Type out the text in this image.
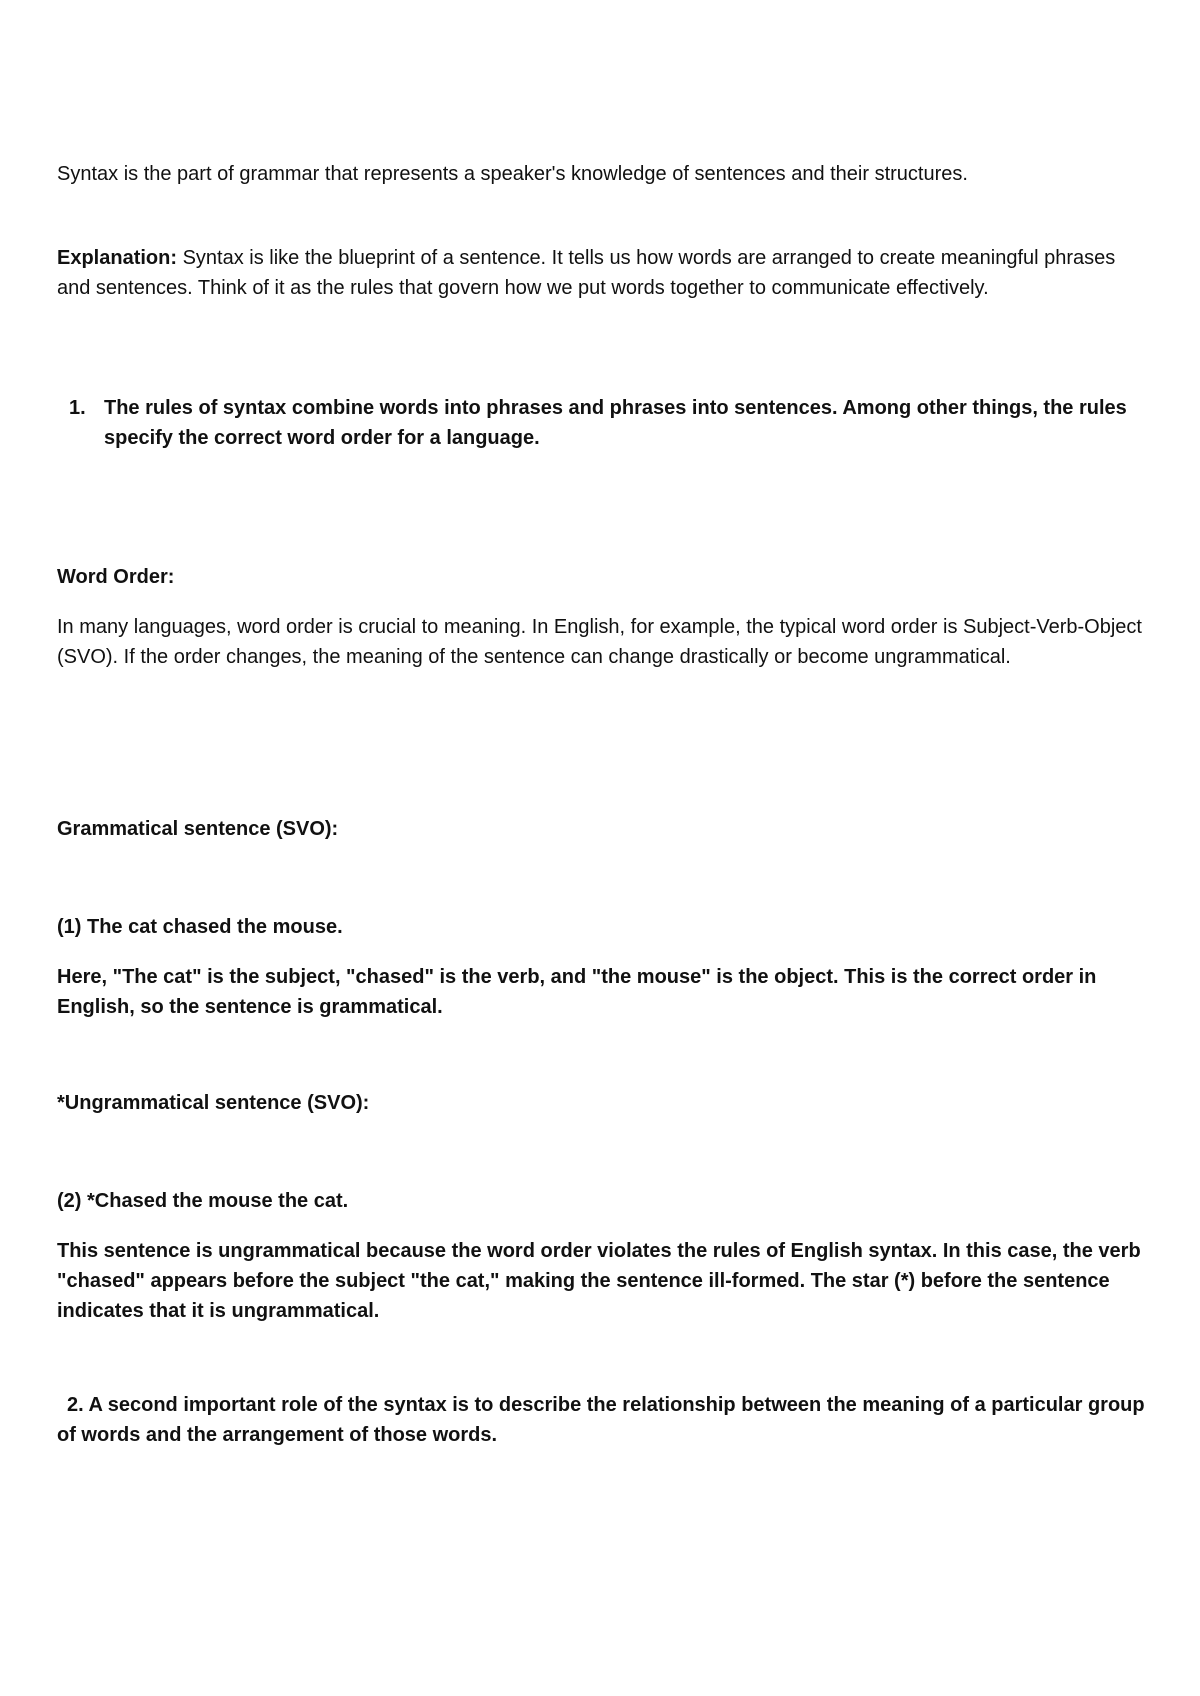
Syntax is the part of grammar that represents a speaker's knowledge of sentences and their structures.

Explanation: Syntax is like the blueprint of a sentence. It tells us how words are arranged to create meaningful phrases and sentences. Think of it as the rules that govern how we put words together to communicate effectively.

1. The rules of syntax combine words into phrases and phrases into sentences. Among other things, the rules specify the correct word order for a language.

Word Order:

In many languages, word order is crucial to meaning. In English, for example, the typical word order is Subject-Verb-Object (SVO). If the order changes, the meaning of the sentence can change drastically or become ungrammatical.

Grammatical sentence (SVO):

(1) The cat chased the mouse.

Here, "The cat" is the subject, "chased" is the verb, and "the mouse" is the object. This is the correct order in English, so the sentence is grammatical.

*Ungrammatical sentence (SVO):

(2) *Chased the mouse the cat.

This sentence is ungrammatical because the word order violates the rules of English syntax. In this case, the verb "chased" appears before the subject "the cat," making the sentence ill-formed. The star (*) before the sentence indicates that it is ungrammatical.

2. A second important role of the syntax is to describe the relationship between the meaning of a particular group of words and the arrangement of those words.
